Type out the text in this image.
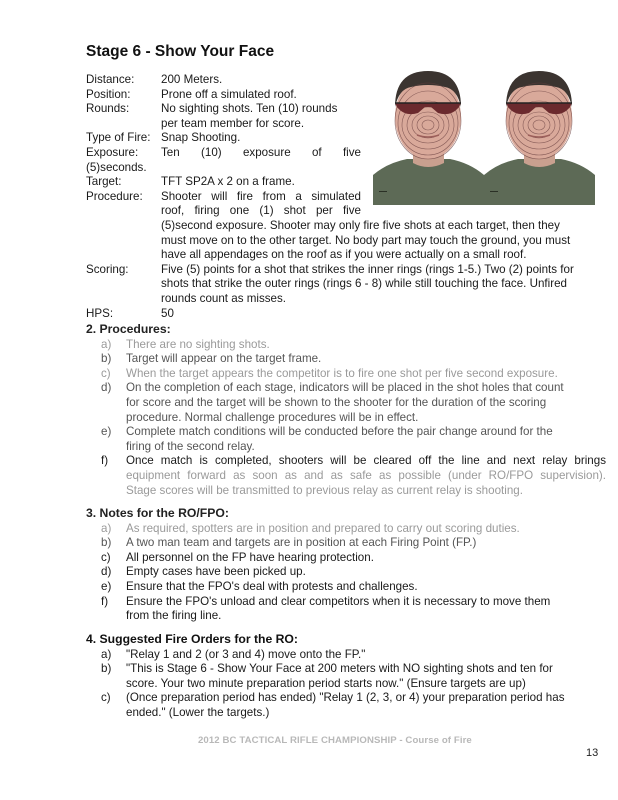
Stage 6 - Show Your Face
Distance: 200 Meters.
Position:	Prone off a simulated roof.
Rounds:	No sighting shots. Ten (10) rounds
per team member for score.
Type of Fire: Snap Shooting.
Exposure: Ten (10) exposure of five
(5)seconds.
Target:	TFT SP2A x 2 on a frame.
Procedure: Shooter will fire from a simulated
roof, firing one (1) shot per five
(5)second exposure. Shooter may only fire five shots at each target, then they
must move on to the other target. No body part may touch the ground, you must
have all appendages on the roof as if you were actually on a small roof.
Scoring:	Five (5) points for a shot that strikes the inner rings (rings 1-5.) Two (2) points for
shots that strike the outer rings (rings 6 - 8) while still touching the face. Unfired
rounds count as misses.
HPS:	50
2. Procedures:
a) There are no sighting shots.
b) Target will appear on the target frame.
c) When the target appears the competitor is to fire one shot per five second exposure.
d) On the completion of each stage, indicators will be placed in the shot holes that count
for score and the target will be shown to the shooter for the duration of the scoring
procedure. Normal challenge procedures will be in effect.
e) Complete match conditions will be conducted before the pair change around for the
firing of the second relay.
f) Once match is completed, shooters will be cleared off the line and next relay brings
equipment forward as soon as and as safe as possible (under RO/FPO supervision).
Stage scores will be transmitted to previous relay as current relay is shooting.
3. Notes for the RO/FPO:
a) As required, spotters are in position and prepared to carry out scoring duties.
b) A two man team and targets are in position at each Firing Point (FP.)
c) All personnel on the FP have hearing protection.
d) Empty cases have been picked up.
e) Ensure that the FPO's deal with protests and challenges.
f) Ensure the FPO's unload and clear competitors when it is necessary to move them
from the firing line.
4. Suggested Fire Orders for the RO:
a) "Relay 1 and 2 (or 3 and 4) move onto the FP."
b) "This is Stage 6 - Show Your Face at 200 meters with NO sighting shots and ten for
score. Your two minute preparation period starts now." (Ensure targets are up)
c) (Once preparation period has ended) "Relay 1 (2, 3, or 4) your preparation period has
ended." (Lower the targets.)
2012 BC TACTICAL RIFLE CHAMPIONSHIP - Course of Fire
13
